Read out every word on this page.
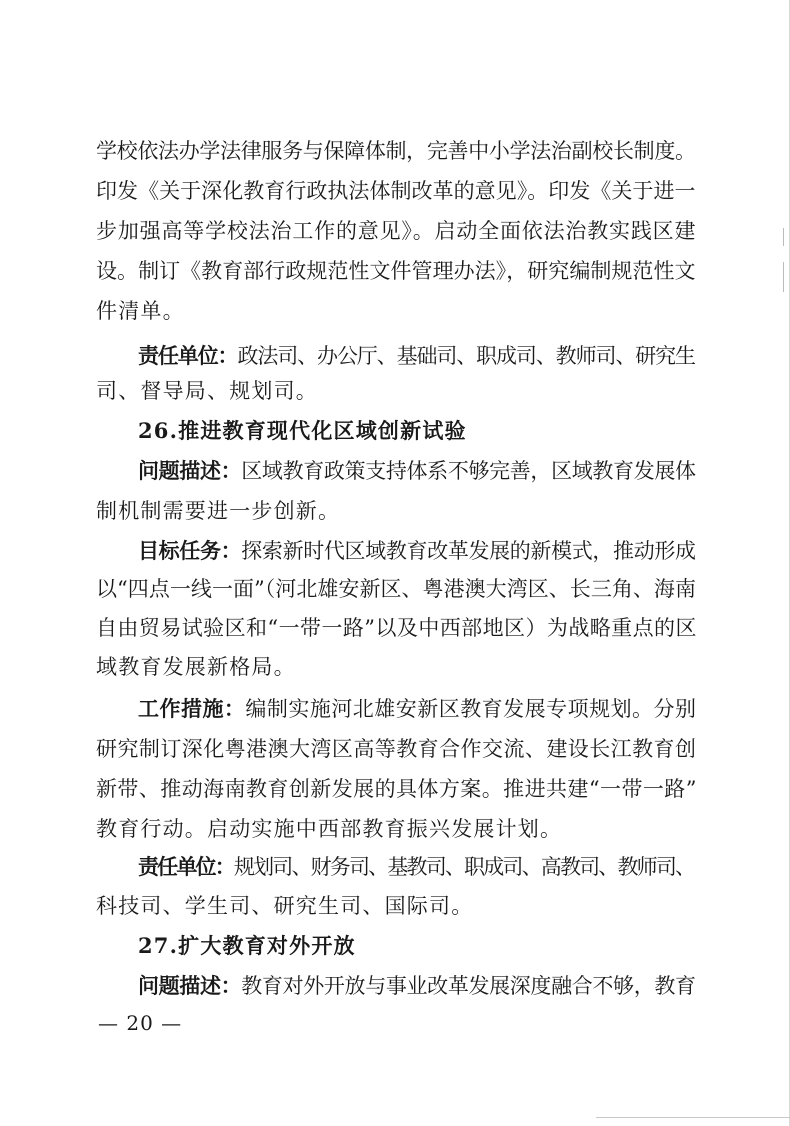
学校依法办学法律服务与保障体制，完善中小学法治副校长制度。
印发《关于深化教育行政执法体制改革的意见》。印发《关于进一
步加强高等学校法治工作的意见》。启动全面依法治教实践区建
设。制订《教育部行政规范性文件管理办法》，研究编制规范性文
件清单。
责任单位：政法司、办公厅、基础司、职成司、教师司、研究生
司、督导局、规划司。
26.推进教育现代化区域创新试验
问题描述：区域教育政策支持体系不够完善，区域教育发展体
制机制需要进一步创新。
目标任务：探索新时代区域教育改革发展的新模式，推动形成
以“四点一线一面”（河北雄安新区、粤港澳大湾区、长三角、海南
自由贸易试验区和“一带一路”以及中西部地区）为战略重点的区
域教育发展新格局。
工作措施：编制实施河北雄安新区教育发展专项规划。分别
研究制订深化粤港澳大湾区高等教育合作交流、建设长江教育创
新带、推动海南教育创新发展的具体方案。推进共建“一带一路”
教育行动。启动实施中西部教育振兴发展计划。
责任单位：规划司、财务司、基教司、职成司、高教司、教师司、
科技司、学生司、研究生司、国际司。
27.扩大教育对外开放
问题描述：教育对外开放与事业改革发展深度融合不够，教育
— 20 —
